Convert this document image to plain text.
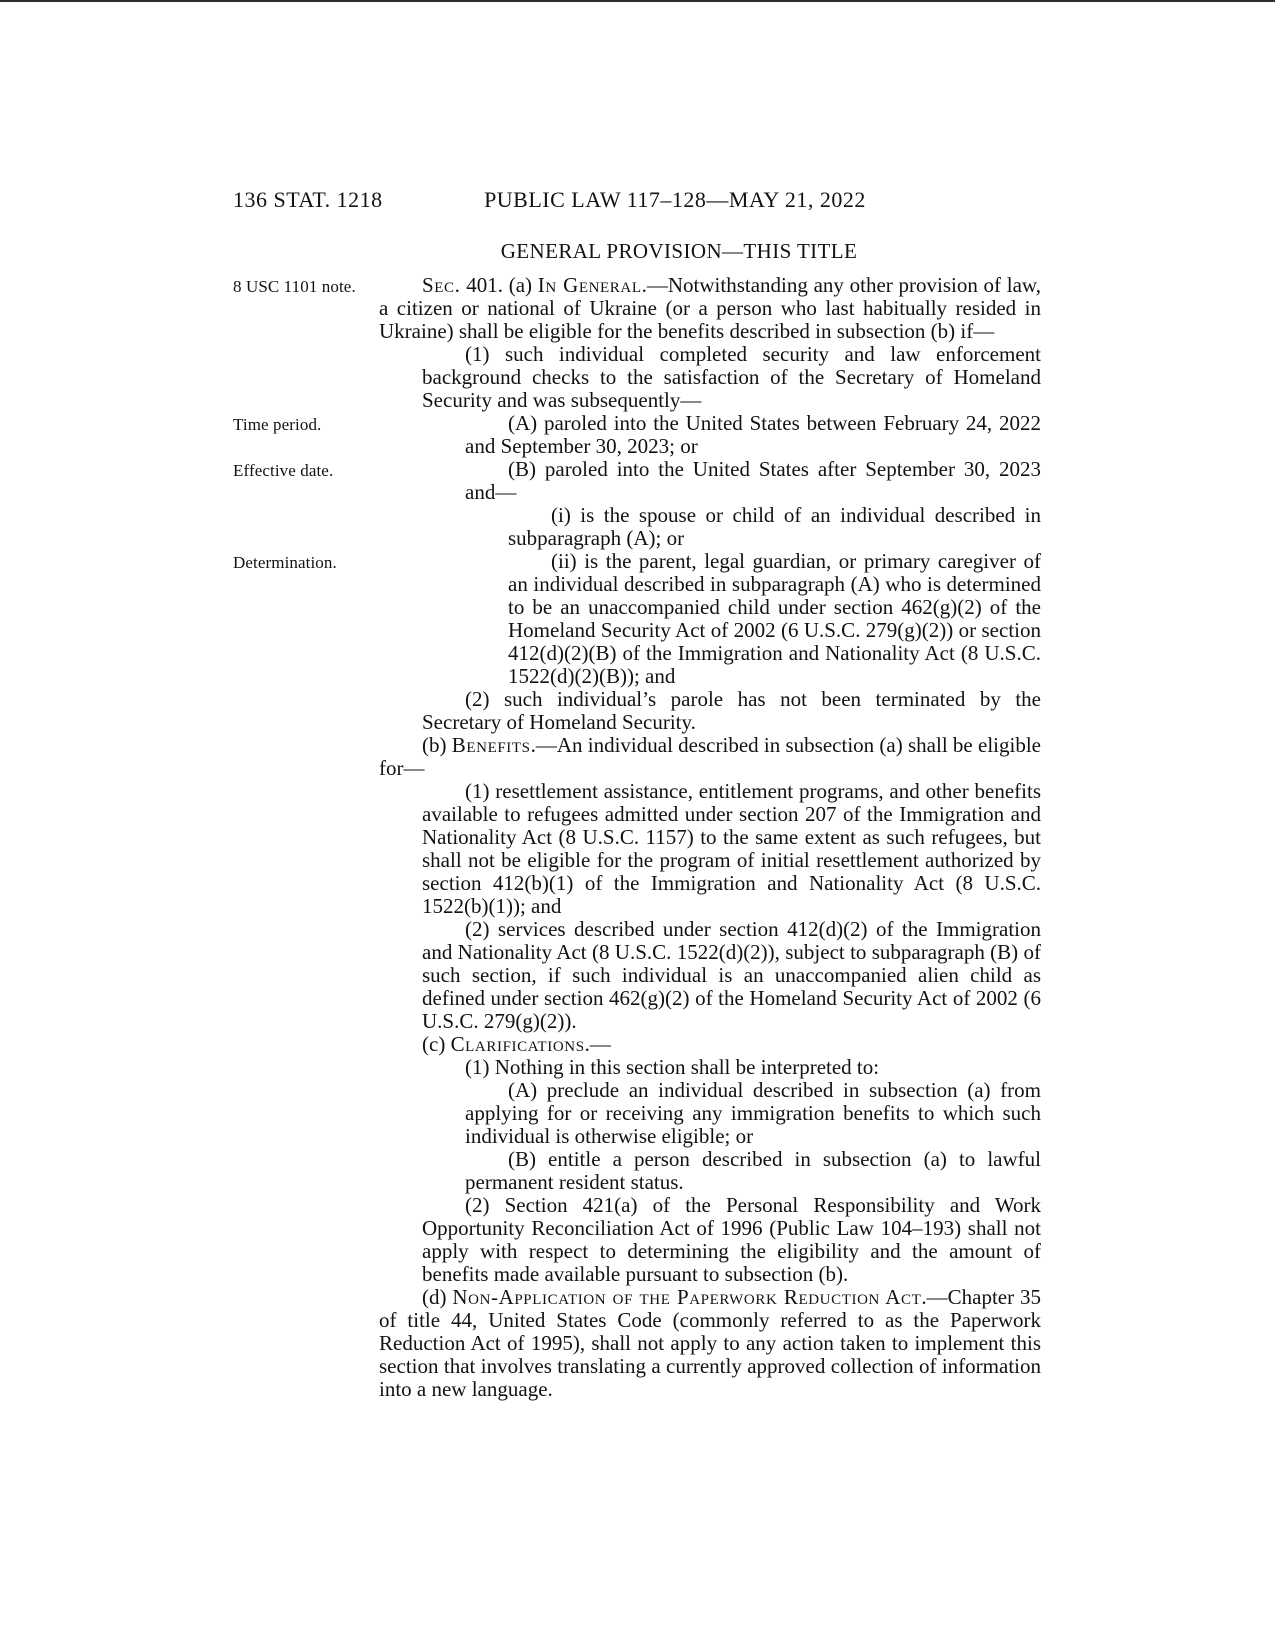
136 STAT. 1218	PUBLIC LAW 117–128—MAY 21, 2022
GENERAL PROVISION—THIS TITLE

8 USC 1101 note.	Sec. 401. (a) In General.—Notwithstanding any other provision of law, a citizen or national of Ukraine (or a person who last habitually resided in Ukraine) shall be eligible for the benefits described in subsection (b) if—

(1) such individual completed security and law enforcement background checks to the satisfaction of the Secretary of Homeland Security and was subsequently—

Time period.	(A) paroled into the United States between February 24, 2022 and September 30, 2023; or

Effective date.	(B) paroled into the United States after September 30, 2023 and—

(i) is the spouse or child of an individual described in subparagraph (A); or

Determination.	(ii) is the parent, legal guardian, or primary caregiver of an individual described in subparagraph (A) who is determined to be an unaccompanied child under section 462(g)(2) of the Homeland Security Act of 2002 (6 U.S.C. 279(g)(2)) or section 412(d)(2)(B) of the Immigration and Nationality Act (8 U.S.C. 1522(d)(2)(B)); and

(2) such individual’s parole has not been terminated by the Secretary of Homeland Security.

(b) Benefits.—An individual described in subsection (a) shall be eligible for—

(1) resettlement assistance, entitlement programs, and other benefits available to refugees admitted under section 207 of the Immigration and Nationality Act (8 U.S.C. 1157) to the same extent as such refugees, but shall not be eligible for the program of initial resettlement authorized by section 412(b)(1) of the Immigration and Nationality Act (8 U.S.C. 1522(b)(1)); and

(2) services described under section 412(d)(2) of the Immigration and Nationality Act (8 U.S.C. 1522(d)(2)), subject to subparagraph (B) of such section, if such individual is an unaccompanied alien child as defined under section 462(g)(2) of the Homeland Security Act of 2002 (6 U.S.C. 279(g)(2)).

(c) Clarifications.—

(1) Nothing in this section shall be interpreted to:

(A) preclude an individual described in subsection (a) from applying for or receiving any immigration benefits to which such individual is otherwise eligible; or

(B) entitle a person described in subsection (a) to lawful permanent resident status.

(2) Section 421(a) of the Personal Responsibility and Work Opportunity Reconciliation Act of 1996 (Public Law 104–193) shall not apply with respect to determining the eligibility and the amount of benefits made available pursuant to subsection (b).

(d) Non-Application of the Paperwork Reduction Act.—Chapter 35 of title 44, United States Code (commonly referred to as the Paperwork Reduction Act of 1995), shall not apply to any action taken to implement this section that involves translating a currently approved collection of information into a new language.
